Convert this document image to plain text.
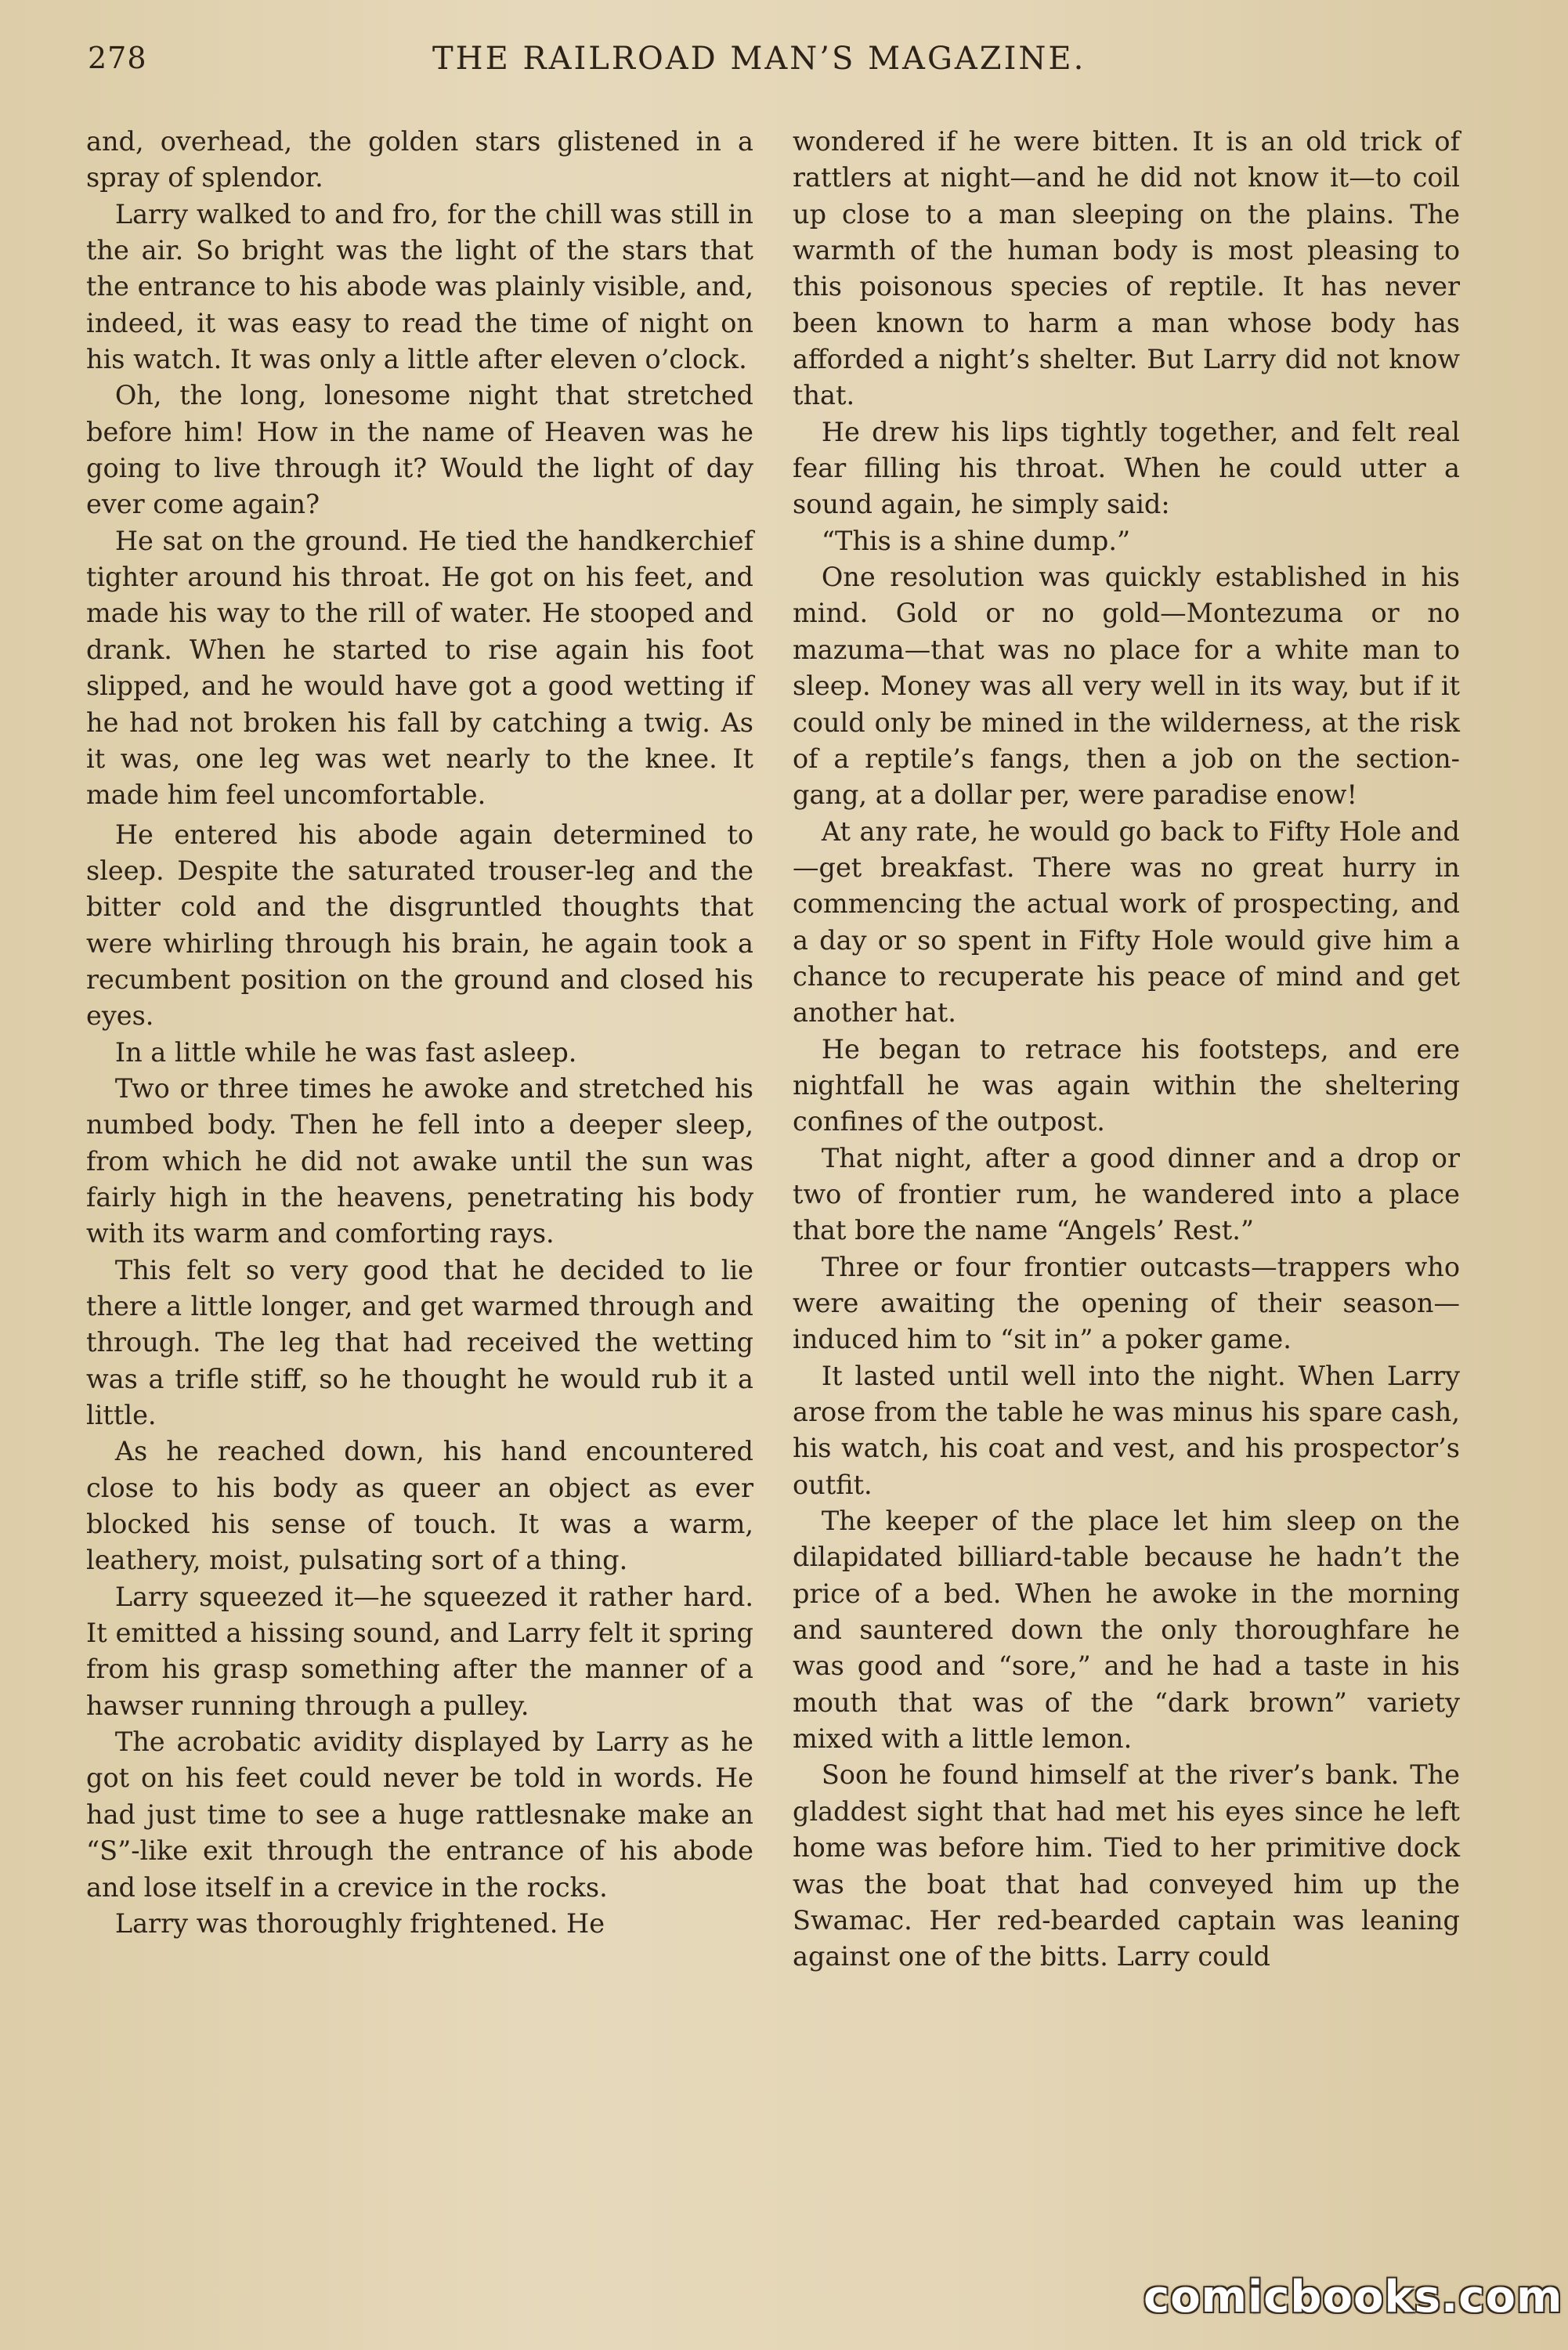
278	THE RAILROAD MAN’S MAGAZINE.

and, overhead, the golden stars glistened in a spray of splendor.

Larry walked to and fro, for the chill was still in the air. So bright was the light of the stars that the entrance to his abode was plainly visible, and, indeed, it was easy to read the time of night on his watch. It was only a little after eleven o’clock.

Oh, the long, lonesome night that stretched before him! How in the name of Heaven was he going to live through it? Would the light of day ever come again?

He sat on the ground. He tied the handkerchief tighter around his throat. He got on his feet, and made his way to the rill of water. He stooped and drank. When he started to rise again his foot slipped, and he would have got a good wetting if he had not broken his fall by catching a twig. As it was, one leg was wet nearly to the knee. It made him feel uncomfortable.

He entered his abode again determined to sleep. Despite the saturated trouser-leg and the bitter cold and the disgruntled thoughts that were whirling through his brain, he again took a recumbent position on the ground and closed his eyes.

In a little while he was fast asleep.

Two or three times he awoke and stretched his numbed body. Then he fell into a deeper sleep, from which he did not awake until the sun was fairly high in the heavens, penetrating his body with its warm and comforting rays.

This felt so very good that he decided to lie there a little longer, and get warmed through and through. The leg that had received the wetting was a trifle stiff, so he thought he would rub it a little.

As he reached down, his hand encountered close to his body as queer an object as ever blocked his sense of touch. It was a warm, leathery, moist, pulsating sort of a thing.

Larry squeezed it—he squeezed it rather hard. It emitted a hissing sound, and Larry felt it spring from his grasp something after the manner of a hawser running through a pulley.

The acrobatic avidity displayed by Larry as he got on his feet could never be told in words. He had just time to see a huge rattlesnake make an “S”-like exit through the entrance of his abode and lose itself in a crevice in the rocks.

Larry was thoroughly frightened. He

wondered if he were bitten. It is an old trick of rattlers at night—and he did not know it—to coil up close to a man sleeping on the plains. The warmth of the human body is most pleasing to this poisonous species of reptile. It has never been known to harm a man whose body has afforded a night’s shelter. But Larry did not know that.

He drew his lips tightly together, and felt real fear filling his throat. When he could utter a sound again, he simply said:

“This is a shine dump.”

One resolution was quickly established in his mind. Gold or no gold—Montezuma or no mazuma—that was no place for a white man to sleep. Money was all very well in its way, but if it could only be mined in the wilderness, at the risk of a reptile’s fangs, then a job on the section-gang, at a dollar per, were paradise enow!

At any rate, he would go back to Fifty Hole and—get breakfast. There was no great hurry in commencing the actual work of prospecting, and a day or so spent in Fifty Hole would give him a chance to recuperate his peace of mind and get another hat.

He began to retrace his footsteps, and ere nightfall he was again within the sheltering confines of the outpost.

That night, after a good dinner and a drop or two of frontier rum, he wandered into a place that bore the name “Angels’ Rest.”

Three or four frontier outcasts—trappers who were awaiting the opening of their season—induced him to “sit in” a poker game.

It lasted until well into the night. When Larry arose from the table he was minus his spare cash, his watch, his coat and vest, and his prospector’s outfit.

The keeper of the place let him sleep on the dilapidated billiard-table because he hadn’t the price of a bed. When he awoke in the morning and sauntered down the only thoroughfare he was good and “sore,” and he had a taste in his mouth that was of the “dark brown” variety mixed with a little lemon.

Soon he found himself at the river’s bank. The gladdest sight that had met his eyes since he left home was before him. Tied to her primitive dock was the boat that had conveyed him up the Swamac. Her red-bearded captain was leaning against one of the bitts. Larry could

comicbooks.com
